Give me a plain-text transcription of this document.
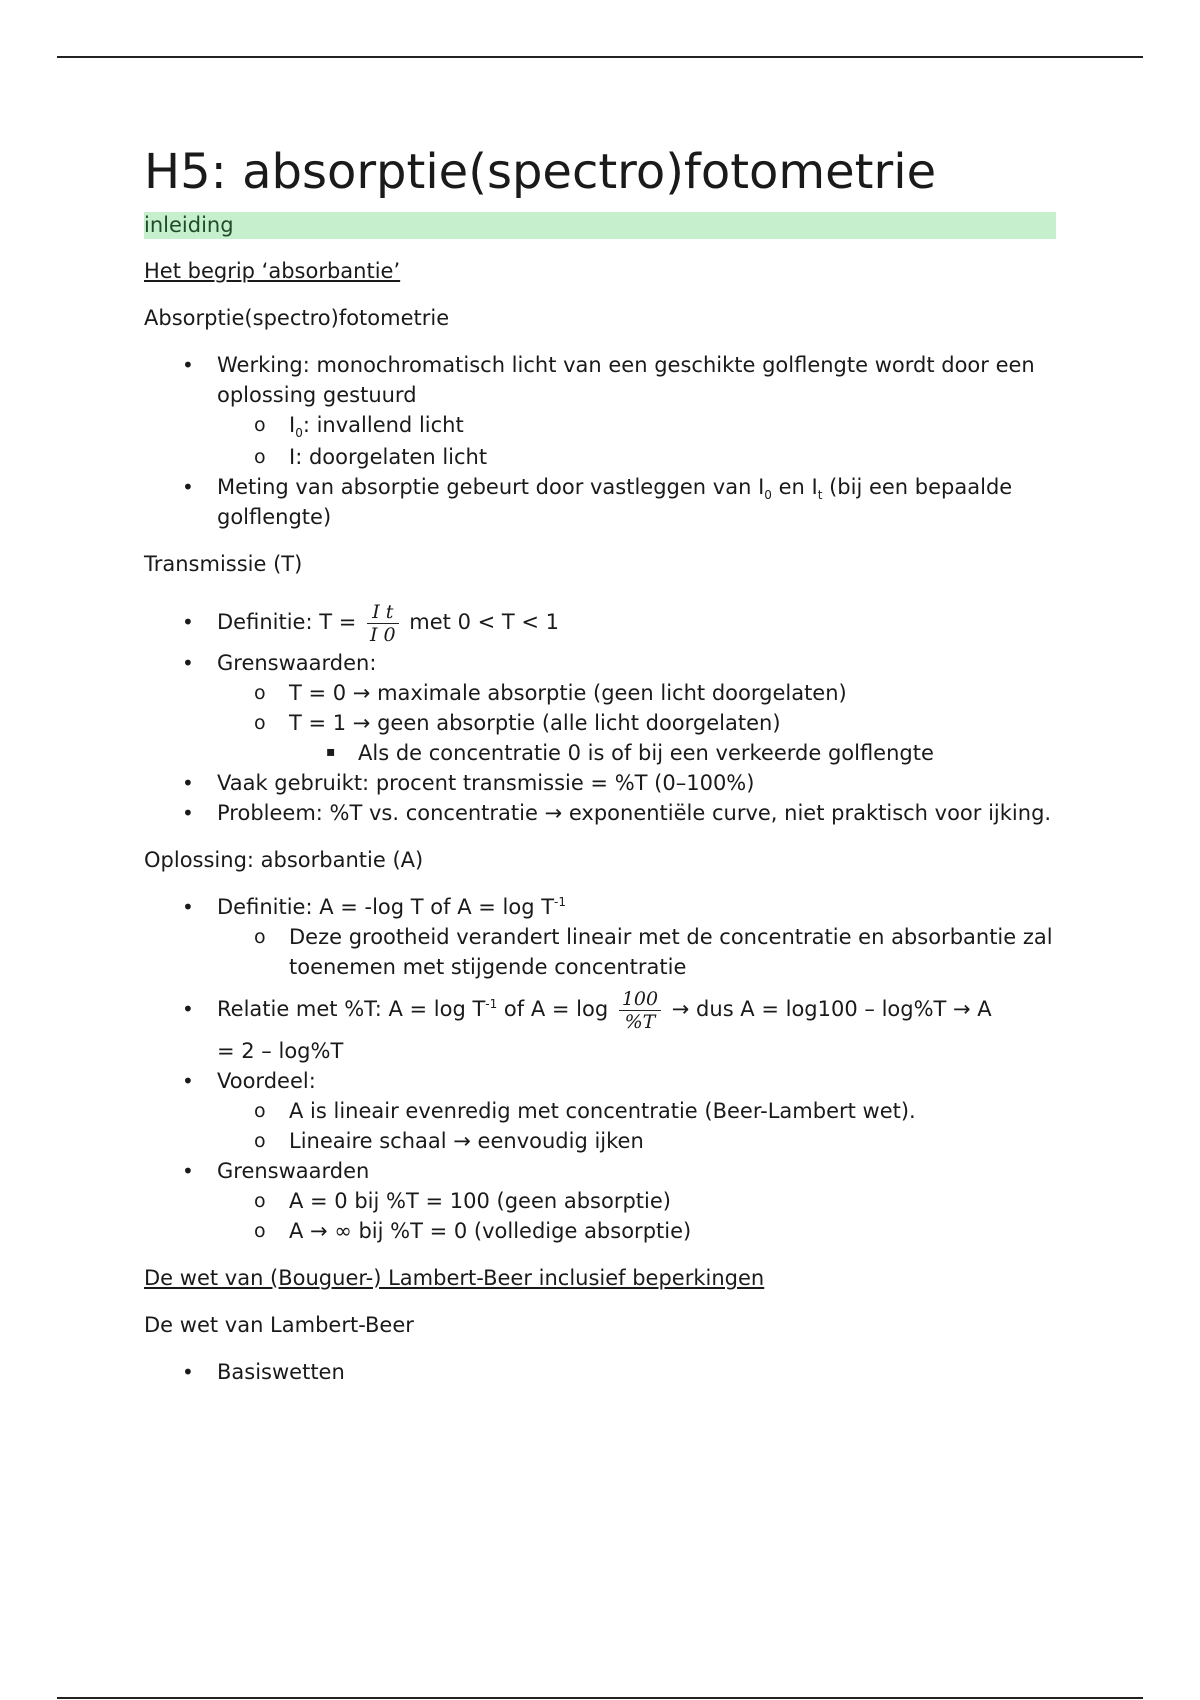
H5: absorptie(spectro)fotometrie
inleiding
Het begrip ‘absorbantie’
Absorptie(spectro)fotometrie
• Werking: monochromatisch licht van een geschikte golflengte wordt door een oplossing gestuurd
o $I_0$: invallend licht
o I: doorgelaten licht
• Meting van absorptie gebeurt door vastleggen van $I_0$ en $I_t$ (bij een bepaalde golflengte)
Transmissie (T)
• Definitie: $T = \frac{\text{I t}}{I 0}$ met 0 < T < 1
• Grenswaarden:
o T = 0 → maximale absorptie (geen licht doorgelaten)
o T = 1 → geen absorptie (alle licht doorgelaten)
▪ Als de concentratie 0 is of bij een verkeerde golflengte
• Vaak gebruikt: procent transmissie = %T (0–100%)
• Probleem: %T vs. concentratie → exponentiële curve, niet praktisch voor ijking.
Oplossing: absorbantie (A)
• Definitie: A = -log T of $A = \log T^{-1}$
o Deze grootheid verandert lineair met de concentratie en absorbantie zal toenemen met stijgende concentratie
• Relatie met %T: $A = \log T^{-1}$ of $A = \log \frac{100}{\%T}$ → dus A = log100 – log%T → A
= 2 – log%T
• Voordeel:
o A is lineair evenredig met concentratie (Beer-Lambert wet).
o Lineaire schaal → eenvoudig ijken
• Grenswaarden
o A = 0 bij %T = 100 (geen absorptie)
o A → ∞ bij %T = 0 (volledige absorptie)
De wet van (Bouguer-) Lambert-Beer inclusief beperkingen
De wet van Lambert-Beer
• Basiswetten
